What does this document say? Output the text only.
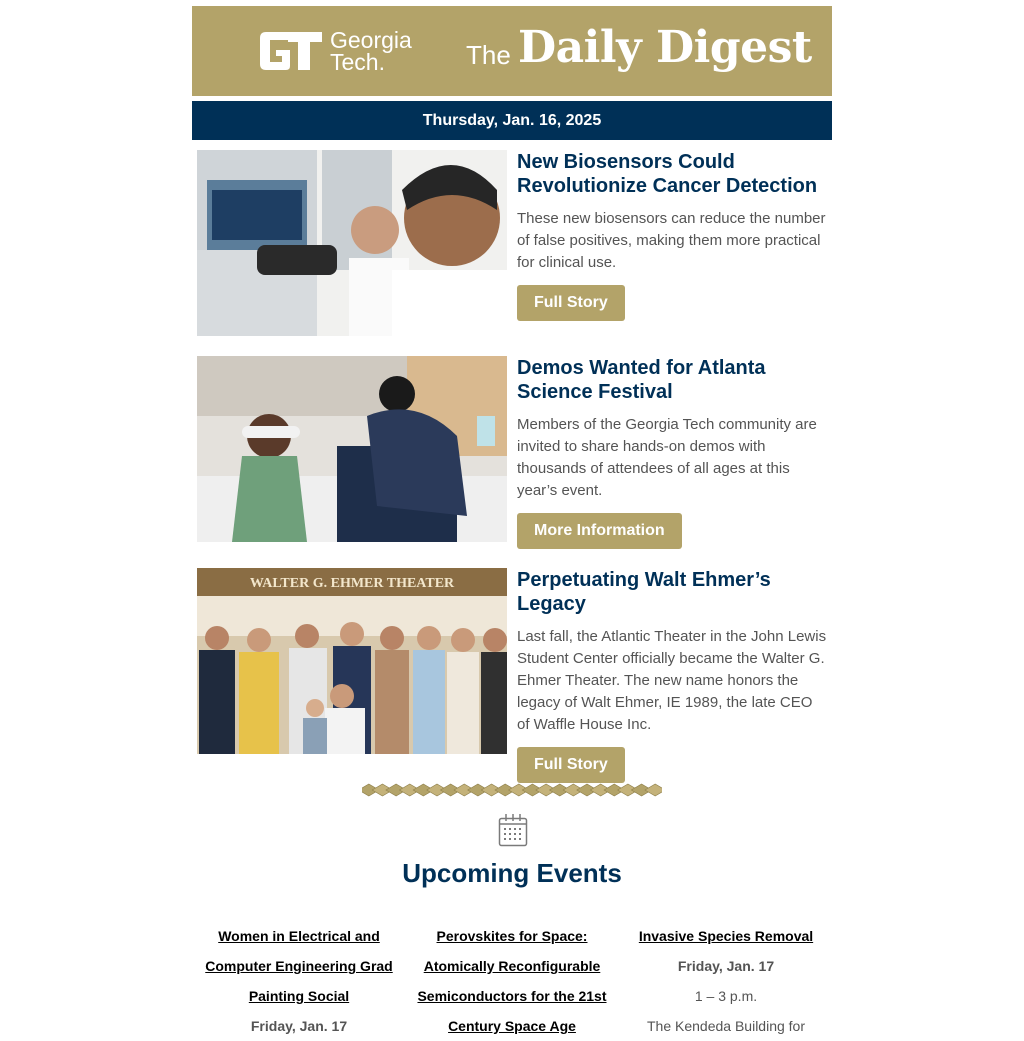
Georgia
Tech.	The Daily Digest
Thursday, Jan. 16, 2025
New Biosensors Could Revolutionize Cancer Detection

These new biosensors can reduce the number of false positives, making them more practical for clinical use.

Full Story
Demos Wanted for Atlanta Science Festival

Members of the Georgia Tech community are invited to share hands-on demos with thousands of attendees of all ages at this year’s event.

More Information
WALTER G. EHMER THEATER	Perpetuating Walt Ehmer’s Legacy

Last fall, the Atlantic Theater in the John Lewis Student Center officially became the Walter G. Ehmer Theater. The new name honors the legacy of Walt Ehmer, IE 1989, the late CEO of Waffle House Inc.

Full Story
Upcoming Events
Women in Electrical and
Computer Engineering Grad
Painting Social
Friday, Jan. 17
Perovskites for Space:
Atomically Reconfigurable
Semiconductors for the 21st
Century Space Age
Invasive Species Removal
Friday, Jan. 17
1 – 3 p.m.
The Kendeda Building for
